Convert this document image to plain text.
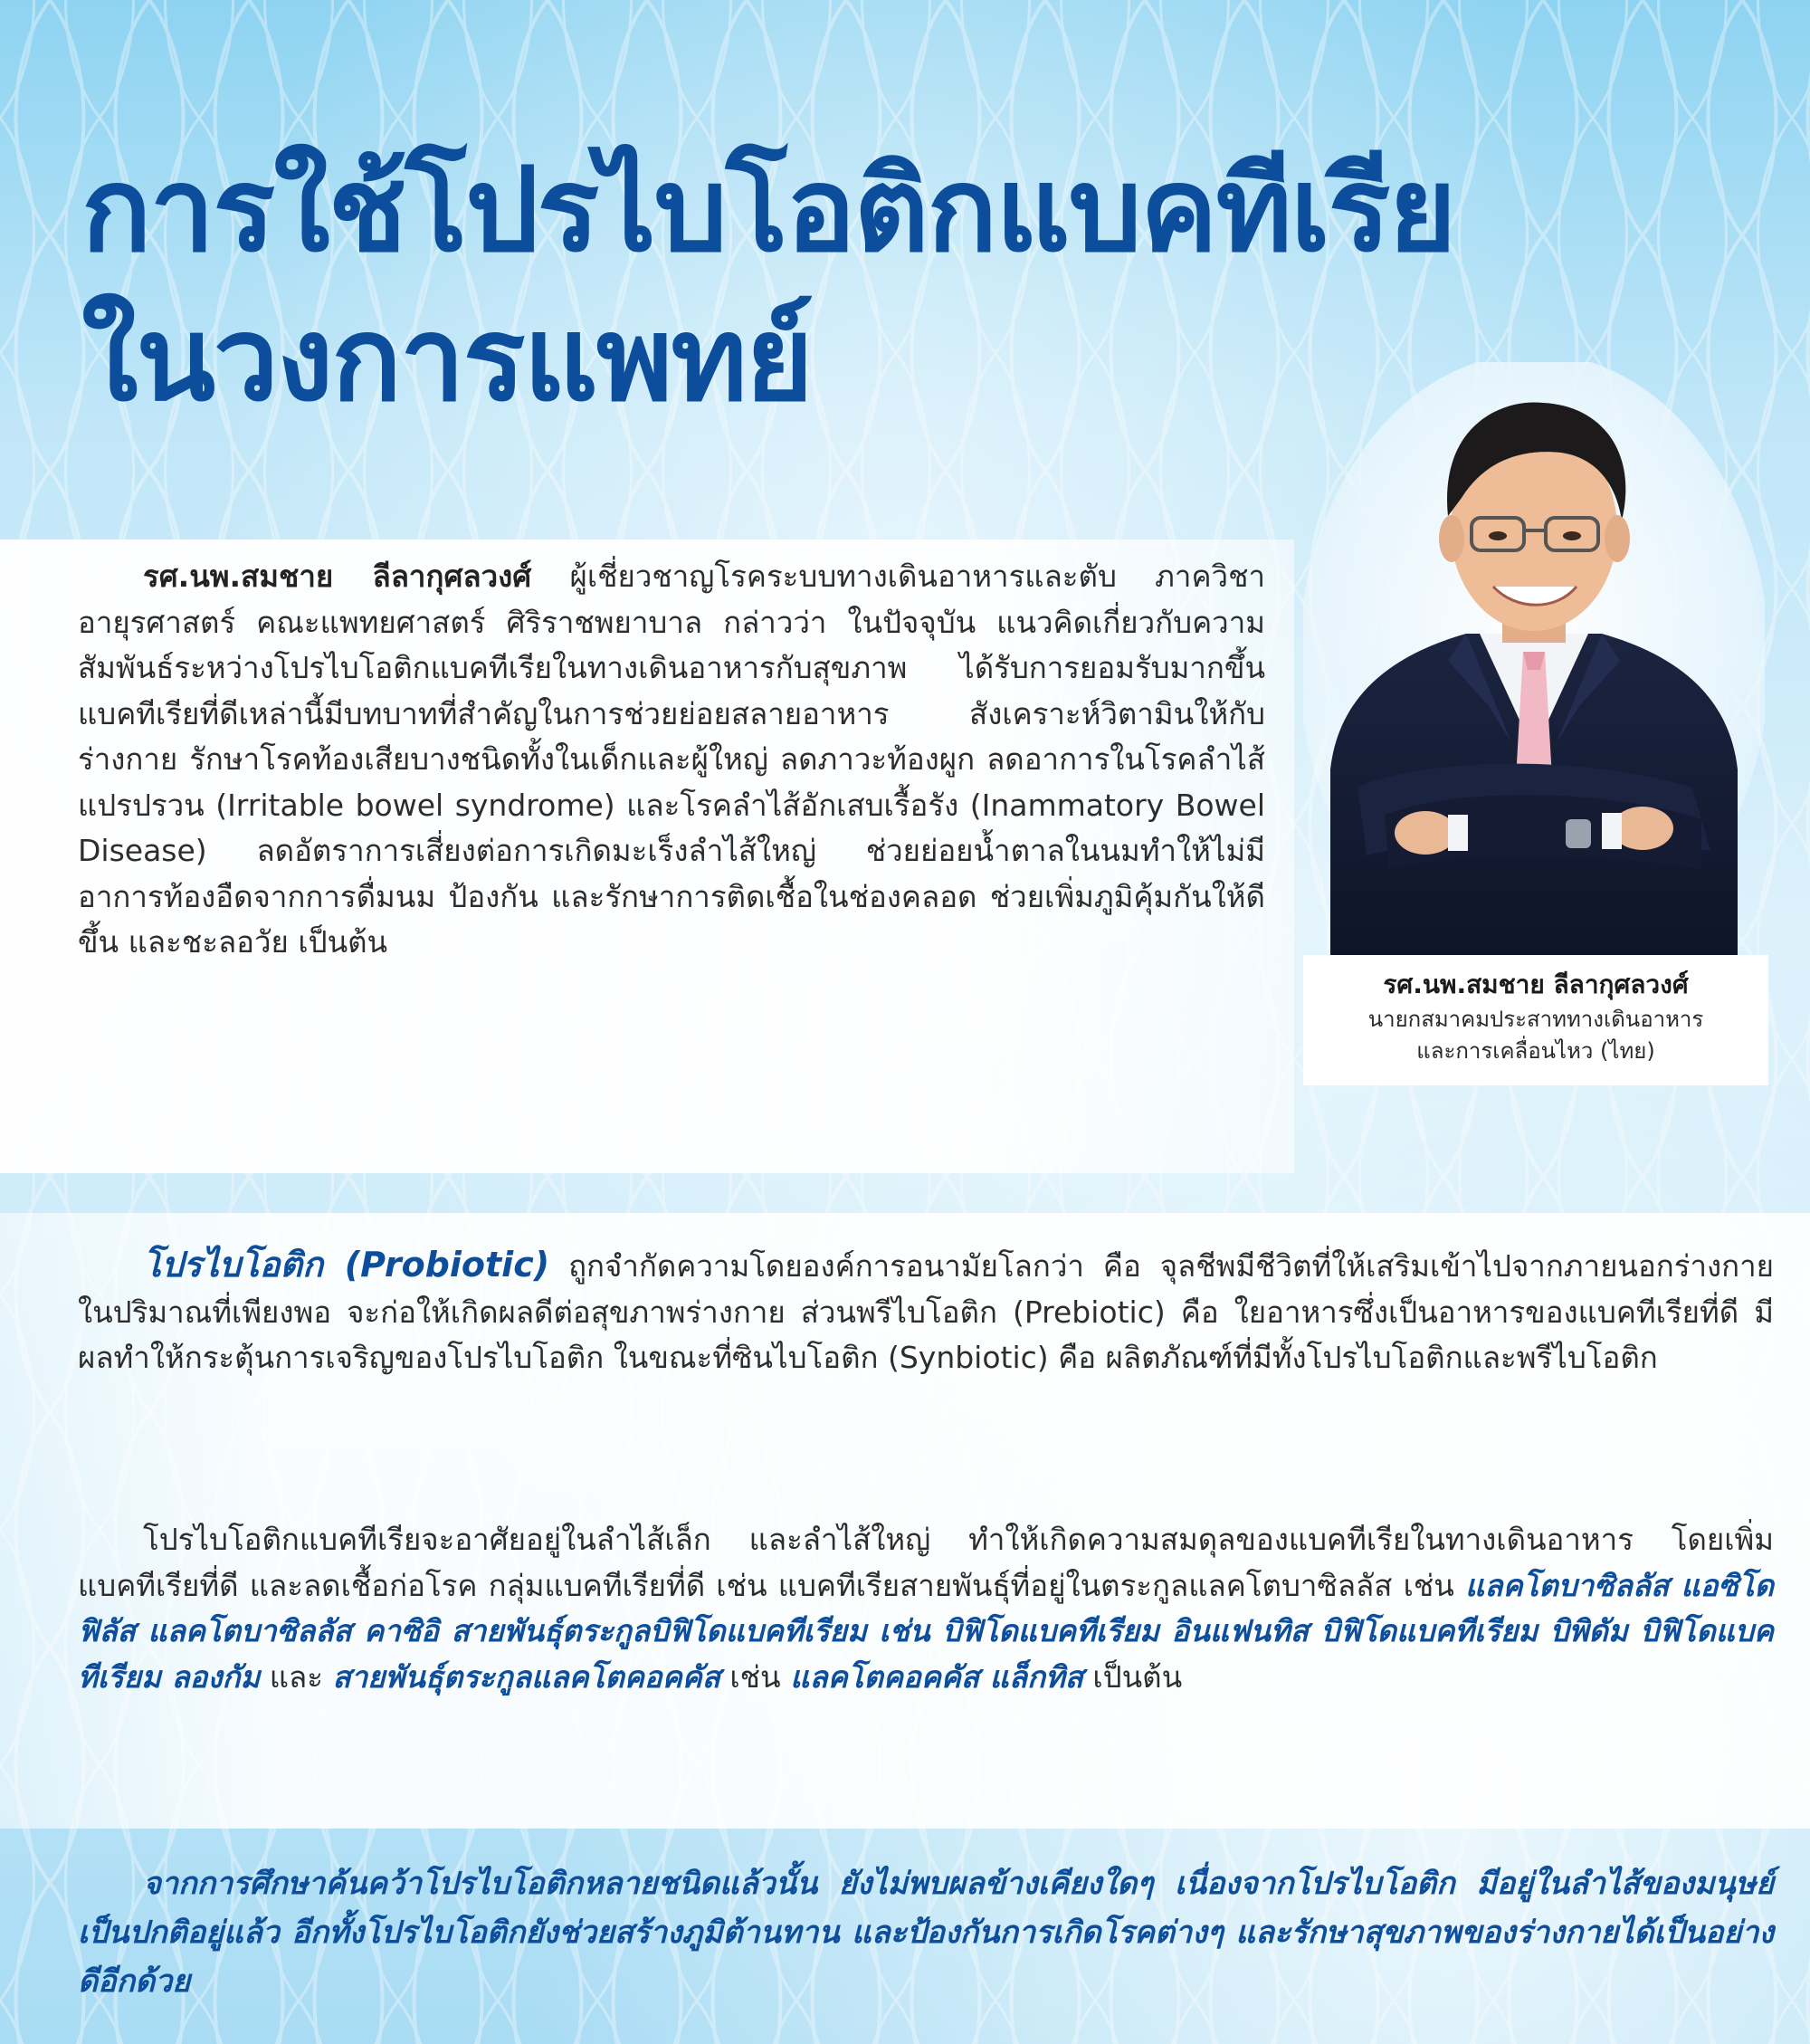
การใช้โปรไบโอติกแบคทีเรีย
ในวงการแพทย์
รศ.นพ.สมชาย ลีลากุศลวงศ์
นายกสมาคมประสาททางเดินอาหาร
และการเคลื่อนไหว (ไทย)
รศ.นพ.สมชาย ลีลากุศลวงศ์ ผู้เชี่ยวชาญโรคระบบทางเดินอาหารและตับ ภาควิชาอายุรศาสตร์ คณะแพทยศาสตร์ ศิริราชพยาบาล กล่าวว่า ในปัจจุบัน แนวคิดเกี่ยวกับความสัมพันธ์ระหว่างโปรไบโอติกแบคทีเรียในทางเดินอาหารกับสุขภาพ ได้รับการยอมรับมากขึ้น แบคทีเรียที่ดีเหล่านี้มีบทบาทที่สำคัญในการช่วยย่อยสลายอาหาร สังเคราะห์วิตามินให้กับร่างกาย รักษาโรคท้องเสียบางชนิดทั้งในเด็กและผู้ใหญ่ ลดภาวะท้องผูก ลดอาการในโรคลำไส้แปรปรวน (Irritable bowel syndrome) และโรคลำไส้อักเสบเรื้อรัง (Inammatory Bowel Disease) ลดอัตราการเสี่ยงต่อการเกิดมะเร็งลำไส้ใหญ่ ช่วยย่อยน้ำตาลในนมทำให้ไม่มีอาการท้องอืดจากการดื่มนม ป้องกัน และรักษาการติดเชื้อในช่องคลอด ช่วยเพิ่มภูมิคุ้มกันให้ดีขึ้น และชะลอวัย เป็นต้น
โปรไบโอติก (Probiotic) ถูกจำกัดความโดยองค์การอนามัยโลกว่า คือ จุลชีพมีชีวิตที่ให้เสริมเข้าไปจากภายนอกร่างกาย ในปริมาณที่เพียงพอ จะก่อให้เกิดผลดีต่อสุขภาพร่างกาย ส่วนพรีไบโอติก (Prebiotic) คือ ใยอาหารซึ่งเป็นอาหารของแบคทีเรียที่ดี มีผลทำให้กระตุ้นการเจริญของโปรไบโอติก ในขณะที่ซินไบโอติก (Synbiotic) คือ ผลิตภัณฑ์ที่มีทั้งโปรไบโอติกและพรีไบโอติก
โปรไบโอติกแบคทีเรียจะอาศัยอยู่ในลำไส้เล็ก และลำไส้ใหญ่ ทำให้เกิดความสมดุลของแบคทีเรียในทางเดินอาหาร โดยเพิ่มแบคทีเรียที่ดี และลดเชื้อก่อโรค กลุ่มแบคทีเรียที่ดี เช่น แบคทีเรียสายพันธุ์ที่อยู่ในตระกูลแลคโตบาซิลลัส เช่น แลคโตบาซิลลัส แอซิโดฟิลัส แลคโตบาซิลลัส คาซิอิ สายพันธุ์ตระกูลบิฟิโดแบคทีเรียม เช่น บิฟิโดแบคทีเรียม อินแฟนทิส บิฟิโดแบคทีเรียม บิพิดัม บิฟิโดแบคทีเรียม ลองกัม และ สายพันธุ์ตระกูลแลคโตคอคคัส เช่น แลคโตคอคคัส แล็กทิส เป็นต้น
จากการศึกษาค้นคว้าโปรไบโอติกหลายชนิดแล้วนั้น ยังไม่พบผลข้างเคียงใดๆ เนื่องจากโปรไบโอติก มีอยู่ในลำไส้ของมนุษย์เป็นปกติอยู่แล้ว อีกทั้งโปรไบโอติกยังช่วยสร้างภูมิต้านทาน และป้องกันการเกิดโรคต่างๆ และรักษาสุขภาพของร่างกายได้เป็นอย่างดีอีกด้วย
